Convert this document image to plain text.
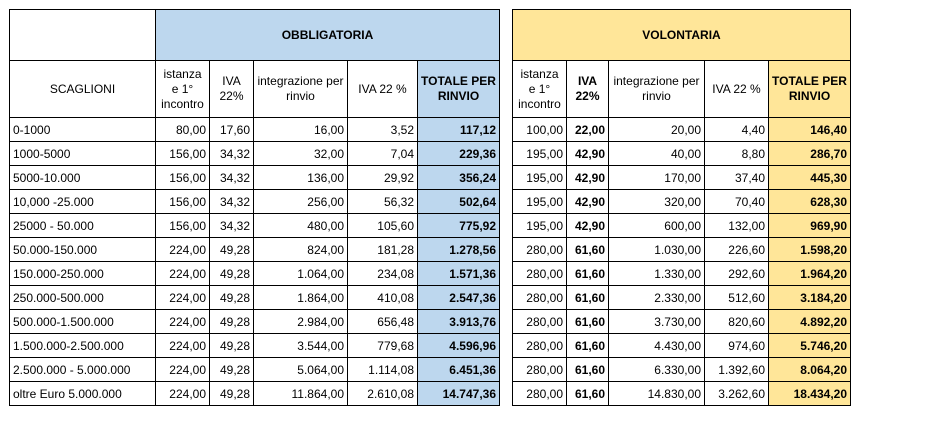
	OBBLIGATORIA						VOLONTARIA				
SCAGLIONI	istanza e 1° incontro	IVA 22%	integrazione per rinvio	IVA 22 %	TOTALE PER RINVIO		istanza e 1° incontro	IVA 22%	integrazione per rinvio	IVA 22 %	TOTALE PER RINVIO
0-1000	80,00	17,60	16,00	3,52	117,12		100,00	22,00	20,00	4,40	146,40
1000-5000	156,00	34,32	32,00	7,04	229,36		195,00	42,90	40,00	8,80	286,70
5000-10.000	156,00	34,32	136,00	29,92	356,24		195,00	42,90	170,00	37,40	445,30
10,000 -25.000	156,00	34,32	256,00	56,32	502,64		195,00	42,90	320,00	70,40	628,30
25000 - 50.000	156,00	34,32	480,00	105,60	775,92		195,00	42,90	600,00	132,00	969,90
50.000-150.000	224,00	49,28	824,00	181,28	1.278,56		280,00	61,60	1.030,00	226,60	1.598,20
150.000-250.000	224,00	49,28	1.064,00	234,08	1.571,36		280,00	61,60	1.330,00	292,60	1.964,20
250.000-500.000	224,00	49,28	1.864,00	410,08	2.547,36		280,00	61,60	2.330,00	512,60	3.184,20
500.000-1.500.000	224,00	49,28	2.984,00	656,48	3.913,76		280,00	61,60	3.730,00	820,60	4.892,20
1.500.000-2.500.000	224,00	49,28	3.544,00	779,68	4.596,96		280,00	61,60	4.430,00	974,60	5.746,20
2.500.000 - 5.000.000	224,00	49,28	5.064,00	1.114,08	6.451,36		280,00	61,60	6.330,00	1.392,60	8.064,20
oltre Euro 5.000.000	224,00	49,28	11.864,00	2.610,08	14.747,36		280,00	61,60	14.830,00	3.262,60	18.434,20
